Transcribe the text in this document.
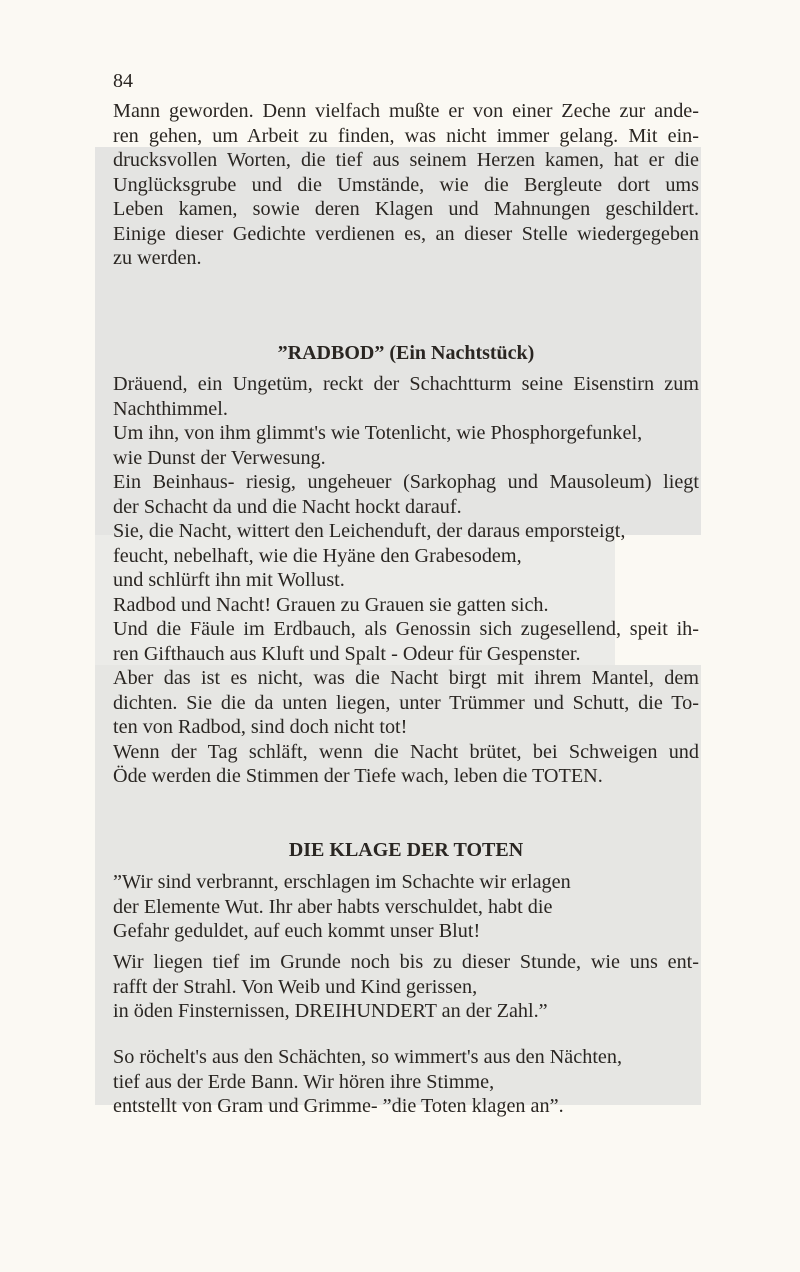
84
Mann geworden. Denn vielfach mußte er von einer Zeche zur ande-
ren gehen, um Arbeit zu finden, was nicht immer gelang. Mit ein-
drucksvollen Worten, die tief aus seinem Herzen kamen, hat er die
Unglücksgrube und die Umstände, wie die Bergleute dort ums
Leben kamen, sowie deren Klagen und Mahnungen geschildert.
Einige dieser Gedichte verdienen es, an dieser Stelle wiedergegeben
zu werden.
”RADBOD” (Ein Nachtstück)
Dräuend, ein Ungetüm, reckt der Schachtturm seine Eisenstirn zum
Nachthimmel.
Um ihn, von ihm glimmt's wie Totenlicht, wie Phosphorgefunkel,
wie Dunst der Verwesung.
Ein Beinhaus- riesig, ungeheuer (Sarkophag und Mausoleum) liegt
der Schacht da und die Nacht hockt darauf.
Sie, die Nacht, wittert den Leichenduft, der daraus emporsteigt,
feucht, nebelhaft, wie die Hyäne den Grabesodem,
und schlürft ihn mit Wollust.
Radbod und Nacht! Grauen zu Grauen sie gatten sich.
Und die Fäule im Erdbauch, als Genossin sich zugesellend, speit ih-
ren Gifthauch aus Kluft und Spalt - Odeur für Gespenster.
Aber das ist es nicht, was die Nacht birgt mit ihrem Mantel, dem
dichten. Sie die da unten liegen, unter Trümmer und Schutt, die To-
ten von Radbod, sind doch nicht tot!
Wenn der Tag schläft, wenn die Nacht brütet, bei Schweigen und
Öde werden die Stimmen der Tiefe wach, leben die TOTEN.
DIE KLAGE DER TOTEN
”Wir sind verbrannt, erschlagen im Schachte wir erlagen
der Elemente Wut. Ihr aber habts verschuldet, habt die
Gefahr geduldet, auf euch kommt unser Blut!
Wir liegen tief im Grunde noch bis zu dieser Stunde, wie uns ent-
rafft der Strahl. Von Weib und Kind gerissen,
in öden Finsternissen, DREIHUNDERT an der Zahl.”
So röchelt's aus den Schächten, so wimmert's aus den Nächten,
tief aus der Erde Bann. Wir hören ihre Stimme,
entstellt von Gram und Grimme- ”die Toten klagen an”.
